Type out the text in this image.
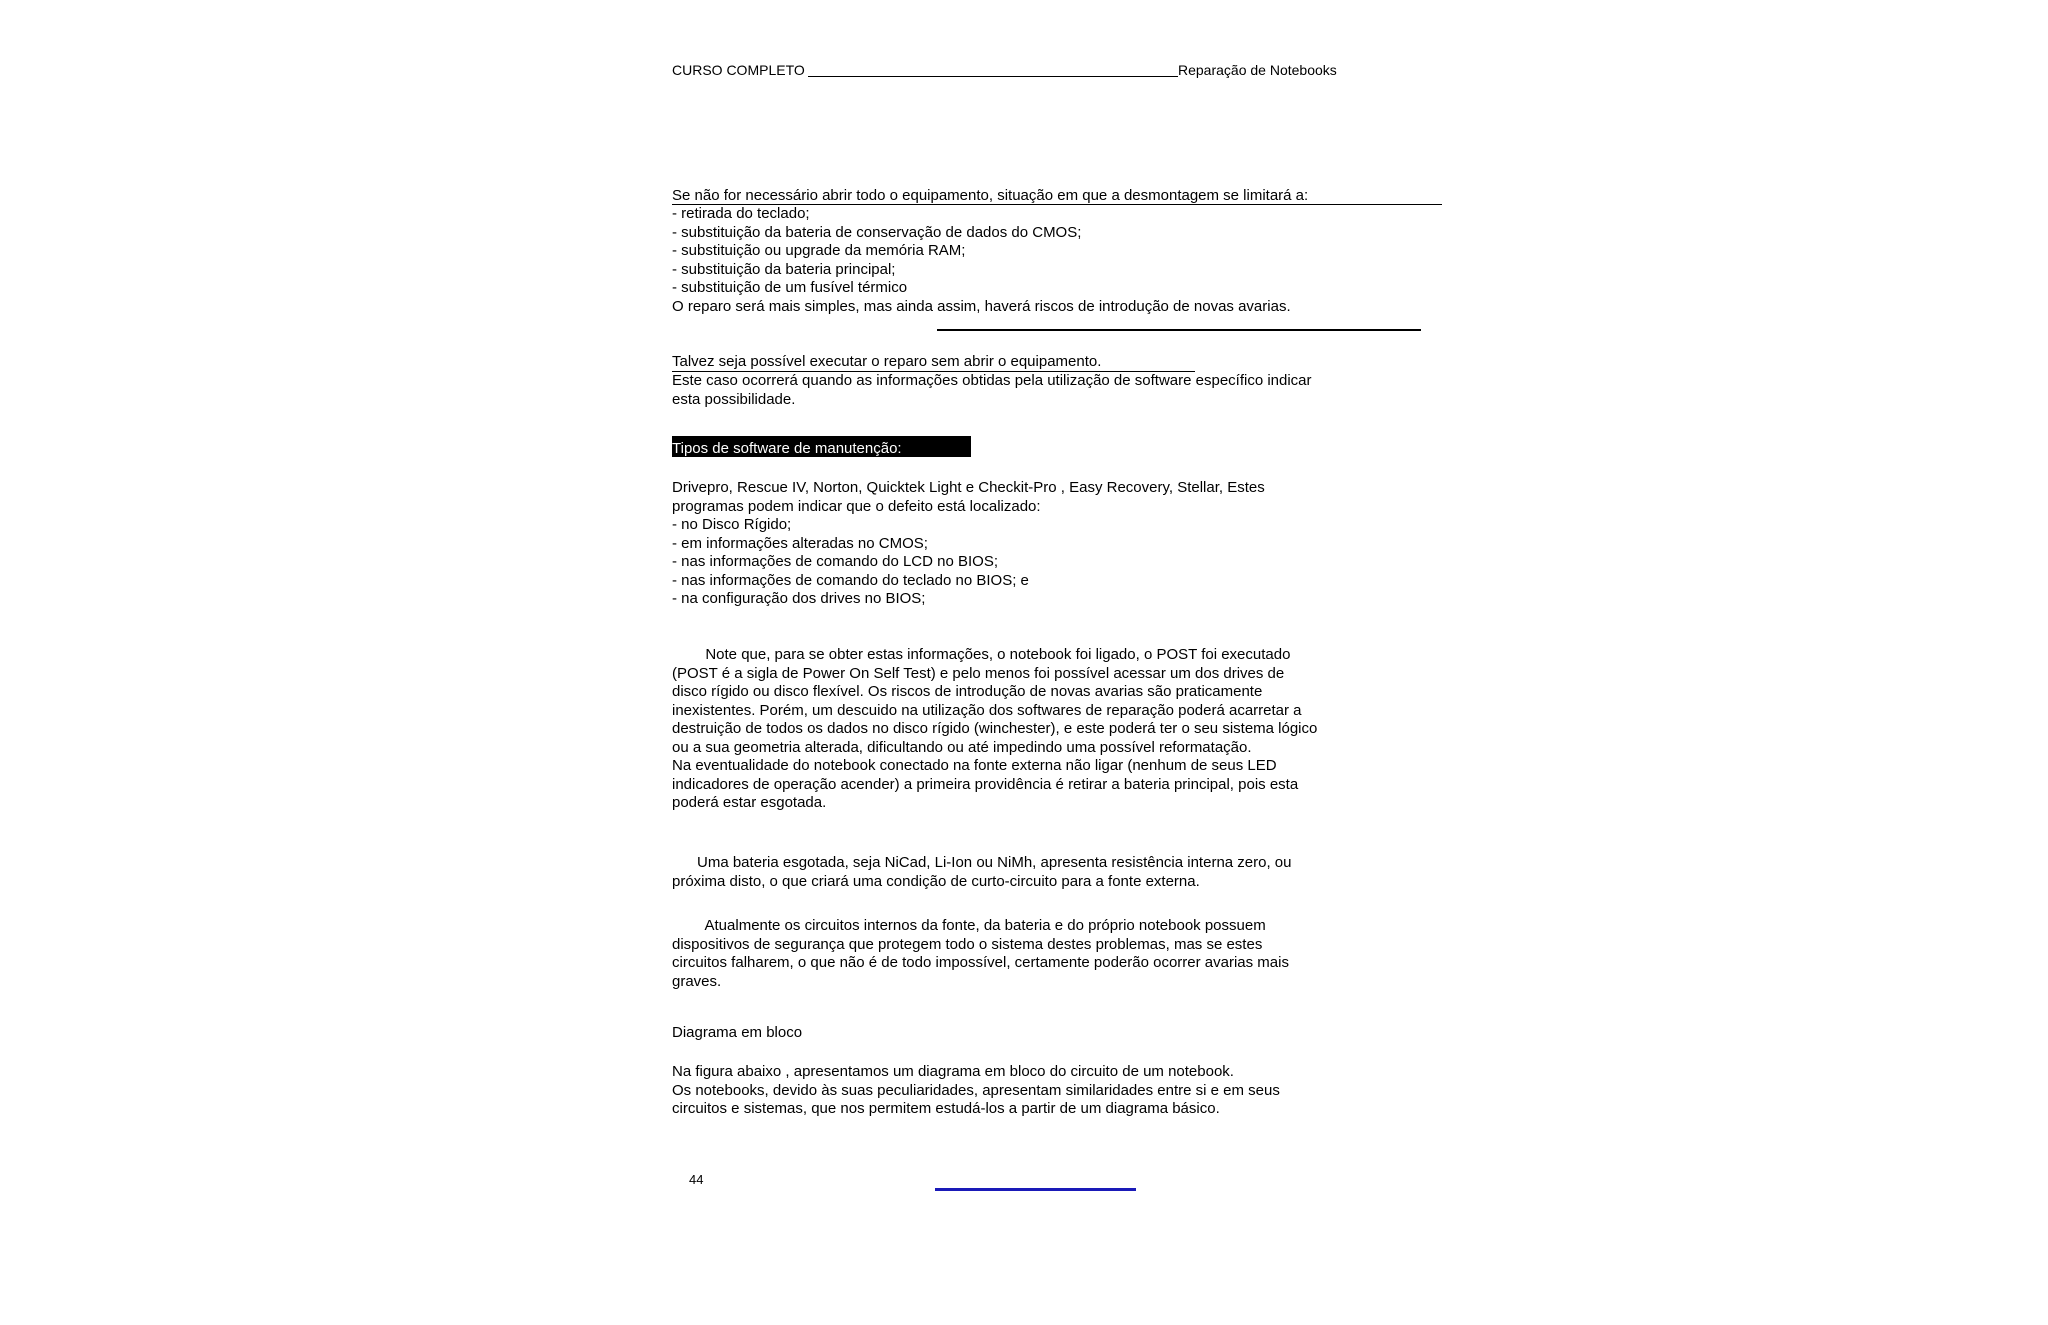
CURSO COMPLETO	Reparação de Notebooks
Se não for necessário abrir todo o equipamento, situação em que a desmontagem se limitará a:
- retirada do teclado;
- substituição da bateria de conservação de dados do CMOS;
- substituição ou upgrade da memória RAM;
- substituição da bateria principal;
- substituição de um fusível térmico
O reparo será mais simples, mas ainda assim, haverá riscos de introdução de novas avarias.
Talvez seja possível executar o reparo sem abrir o equipamento.
Este caso ocorrerá quando as informações obtidas pela utilização de software específico indicar
esta possibilidade.
Tipos de software de manutenção:
Drivepro, Rescue IV, Norton, Quicktek Light e Checkit-Pro , Easy Recovery, Stellar, Estes
programas podem indicar que o defeito está localizado:
- no Disco Rígido;
- em informações alteradas no CMOS;
- nas informações de comando do LCD no BIOS;
- nas informações de comando do teclado no BIOS; e
- na configuração dos drives no BIOS;
Note que, para se obter estas informações, o notebook foi ligado, o POST foi executado
(POST é a sigla de Power On Self Test) e pelo menos foi possível acessar um dos drives de
disco rígido ou disco flexível. Os riscos de introdução de novas avarias são praticamente
inexistentes. Porém, um descuido na utilização dos softwares de reparação poderá acarretar a
destruição de todos os dados no disco rígido (winchester), e este poderá ter o seu sistema lógico
ou a sua geometria alterada, dificultando ou até impedindo uma possível reformatação.
Na eventualidade do notebook conectado na fonte externa não ligar (nenhum de seus LED
indicadores de operação acender) a primeira providência é retirar a bateria principal, pois esta
poderá estar esgotada.
Uma bateria esgotada, seja NiCad, Li-Ion ou NiMh, apresenta resistência interna zero, ou
próxima disto, o que criará uma condição de curto-circuito para a fonte externa.
Atualmente os circuitos internos da fonte, da bateria e do próprio notebook possuem
dispositivos de segurança que protegem todo o sistema destes problemas, mas se estes
circuitos falharem, o que não é de todo impossível, certamente poderão ocorrer avarias mais
graves.
Diagrama em bloco
Na figura abaixo , apresentamos um diagrama em bloco do circuito de um notebook.
Os notebooks, devido às suas peculiaridades, apresentam similaridades entre si e em seus
circuitos e sistemas, que nos permitem estudá-los a partir de um diagrama básico.
44
